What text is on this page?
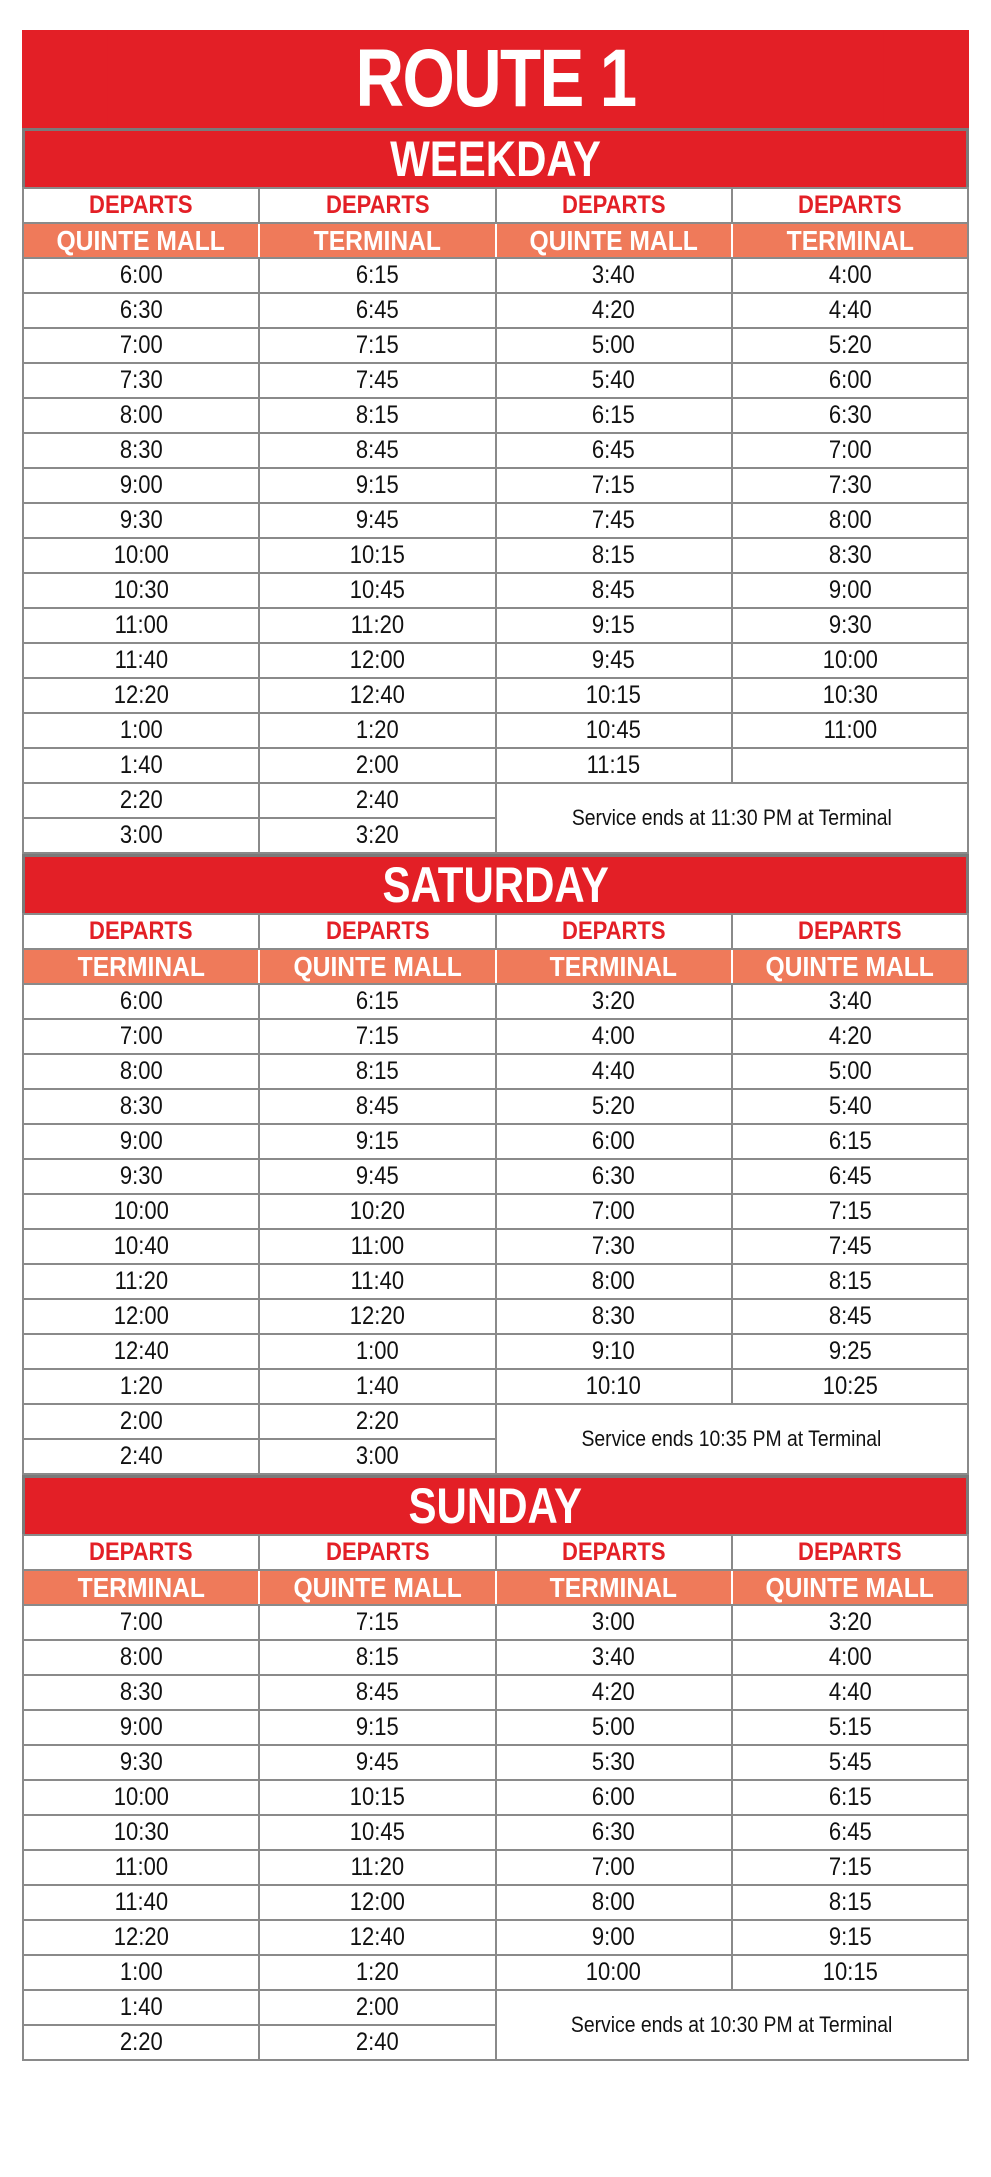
ROUTE 1
WEEKDAY
DEPARTS	DEPARTS	DEPARTS	DEPARTS
QUINTE MALL	TERMINAL	QUINTE MALL	TERMINAL
6:00	6:15	3:40	4:00
6:30	6:45	4:20	4:40
7:00	7:15	5:00	5:20
7:30	7:45	5:40	6:00
8:00	8:15	6:15	6:30
8:30	8:45	6:45	7:00
9:00	9:15	7:15	7:30
9:30	9:45	7:45	8:00
10:00	10:15	8:15	8:30
10:30	10:45	8:45	9:00
11:00	11:20	9:15	9:30
11:40	12:00	9:45	10:00
12:20	12:40	10:15	10:30
1:00	1:20	10:45	11:00
1:40	2:00	11:15	
2:20	2:40	Service ends at 11:30 PM at Terminal	
3:00	3:20		
SATURDAY
DEPARTS	DEPARTS	DEPARTS	DEPARTS
TERMINAL	QUINTE MALL	TERMINAL	QUINTE MALL
6:00	6:15	3:20	3:40
7:00	7:15	4:00	4:20
8:00	8:15	4:40	5:00
8:30	8:45	5:20	5:40
9:00	9:15	6:00	6:15
9:30	9:45	6:30	6:45
10:00	10:20	7:00	7:15
10:40	11:00	7:30	7:45
11:20	11:40	8:00	8:15
12:00	12:20	8:30	8:45
12:40	1:00	9:10	9:25
1:20	1:40	10:10	10:25
2:00	2:20	Service ends 10:35 PM at Terminal	
2:40	3:00		
SUNDAY
DEPARTS	DEPARTS	DEPARTS	DEPARTS
TERMINAL	QUINTE MALL	TERMINAL	QUINTE MALL
7:00	7:15	3:00	3:20
8:00	8:15	3:40	4:00
8:30	8:45	4:20	4:40
9:00	9:15	5:00	5:15
9:30	9:45	5:30	5:45
10:00	10:15	6:00	6:15
10:30	10:45	6:30	6:45
11:00	11:20	7:00	7:15
11:40	12:00	8:00	8:15
12:20	12:40	9:00	9:15
1:00	1:20	10:00	10:15
1:40	2:00	Service ends at 10:30 PM at Terminal	
2:20	2:40		
